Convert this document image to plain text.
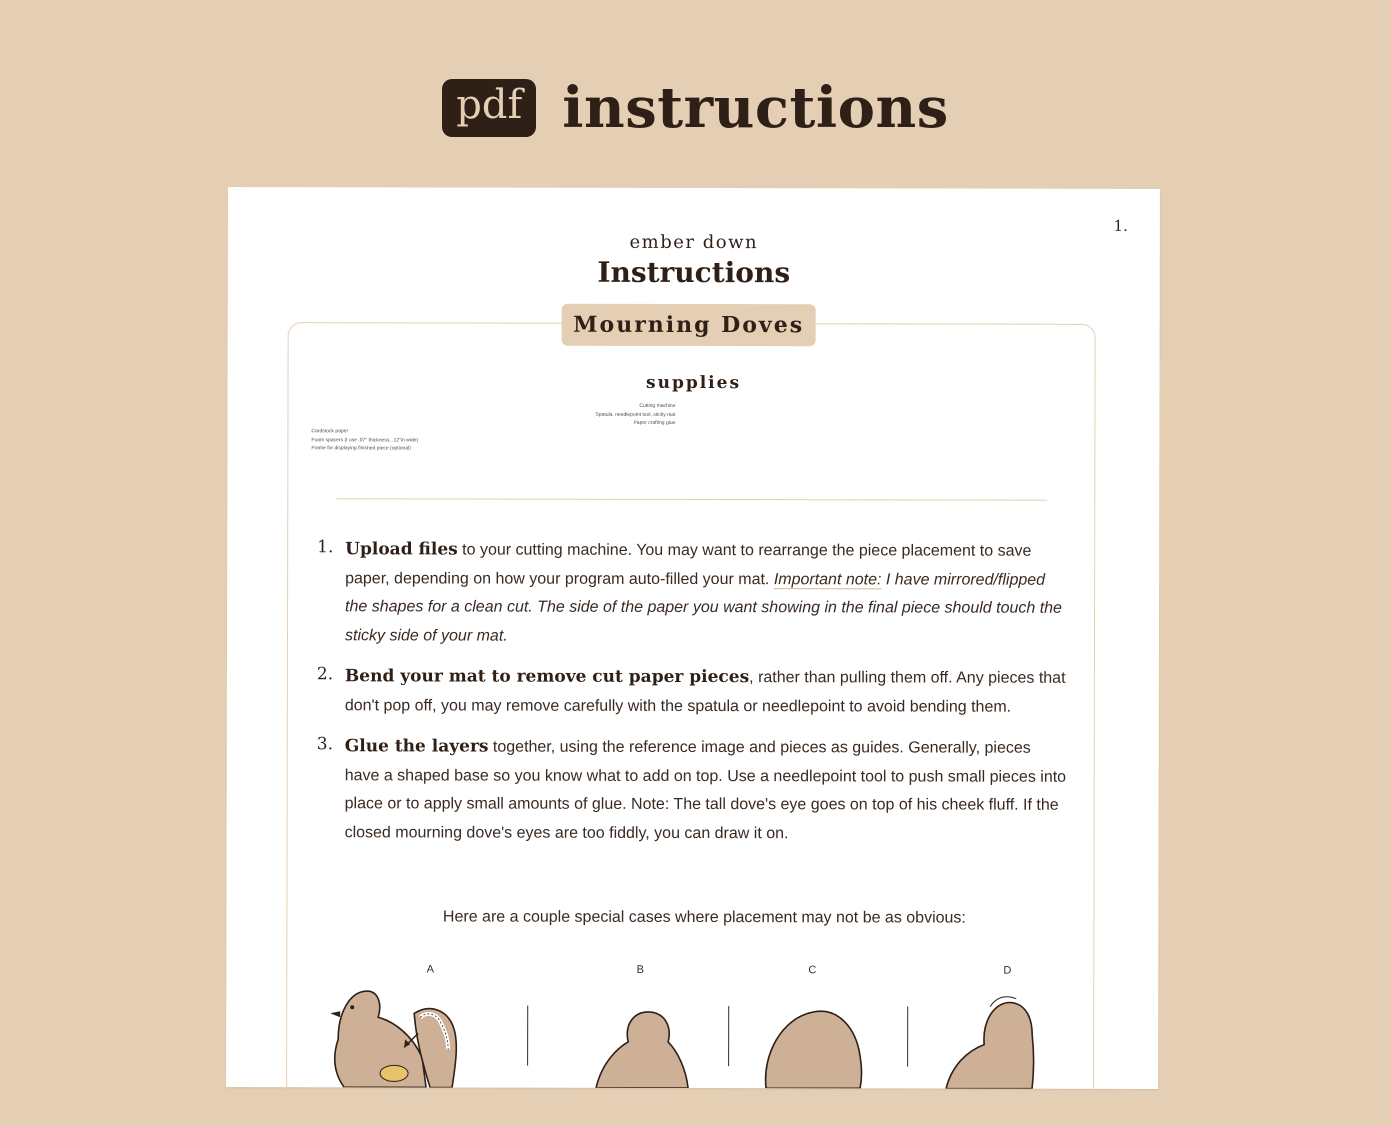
pdf instructions
1.
ember down
Instructions
Mourning Doves
supplies
Cutting machine
Spatula, needlepoint tool, sticky mat
Paper crafting glue
Cardstock paper
Foam spacers (I use .07" thickness, .12"in wide)
Frame for displaying finished piece (optional)
1. Upload files to your cutting machine. You may want to rearrange the piece placement to save paper, depending on how your program auto-filled your mat. Important note: I have mirrored/flipped the shapes for a clean cut. The side of the paper you want showing in the final piece should touch the sticky side of your mat.
2. Bend your mat to remove cut paper pieces, rather than pulling them off. Any pieces that don't pop off, you may remove carefully with the spatula or needlepoint to avoid bending them.
3. Glue the layers together, using the reference image and pieces as guides. Generally, pieces have a shaped base so you know what to add on top. Use a needlepoint tool to push small pieces into place or to apply small amounts of glue. Note: The tall dove's eye goes on top of his cheek fluff. If the closed mourning dove's eyes are too fiddly, you can draw it on.
Here are a couple special cases where placement may not be as obvious:
A	B	C	D
